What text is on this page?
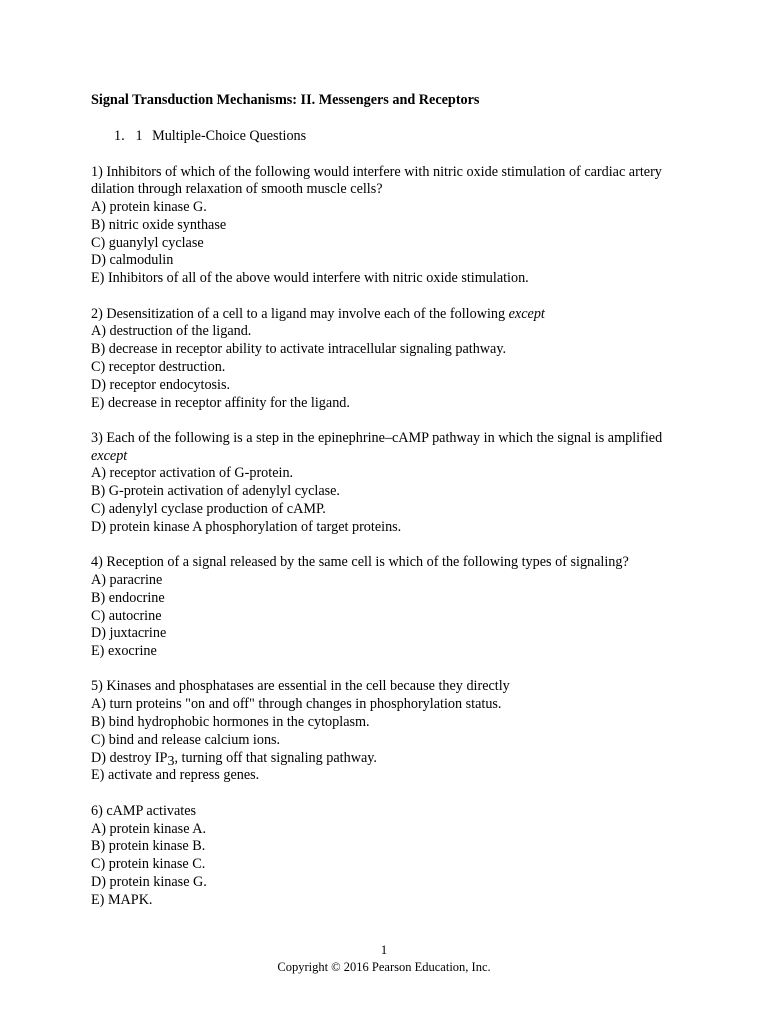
Signal Transduction Mechanisms: II. Messengers and Receptors

1. 1 Multiple-Choice Questions
1) Inhibitors of which of the following would interfere with nitric oxide stimulation of cardiac artery dilation through relaxation of smooth muscle cells?
A) protein kinase G.
B) nitric oxide synthase
C) guanylyl cyclase
D) calmodulin
E) Inhibitors of all of the above would interfere with nitric oxide stimulation.
2) Desensitization of a cell to a ligand may involve each of the following except
A) destruction of the ligand.
B) decrease in receptor ability to activate intracellular signaling pathway.
C) receptor destruction.
D) receptor endocytosis.
E) decrease in receptor affinity for the ligand.
3) Each of the following is a step in the epinephrine–cAMP pathway in which the signal is amplified except
A) receptor activation of G-protein.
B) G-protein activation of adenylyl cyclase.
C) adenylyl cyclase production of cAMP.
D) protein kinase A phosphorylation of target proteins.
4) Reception of a signal released by the same cell is which of the following types of signaling?
A) paracrine
B) endocrine
C) autocrine
D) juxtacrine
E) exocrine
5) Kinases and phosphatases are essential in the cell because they directly
A) turn proteins "on and off" through changes in phosphorylation status.
B) bind hydrophobic hormones in the cytoplasm.
C) bind and release calcium ions.
D) destroy $IP_3$, turning off that signaling pathway.
E) activate and repress genes.
6) cAMP activates
A) protein kinase A.
B) protein kinase B.
C) protein kinase C.
D) protein kinase G.
E) MAPK.
1
Copyright © 2016 Pearson Education, Inc.
